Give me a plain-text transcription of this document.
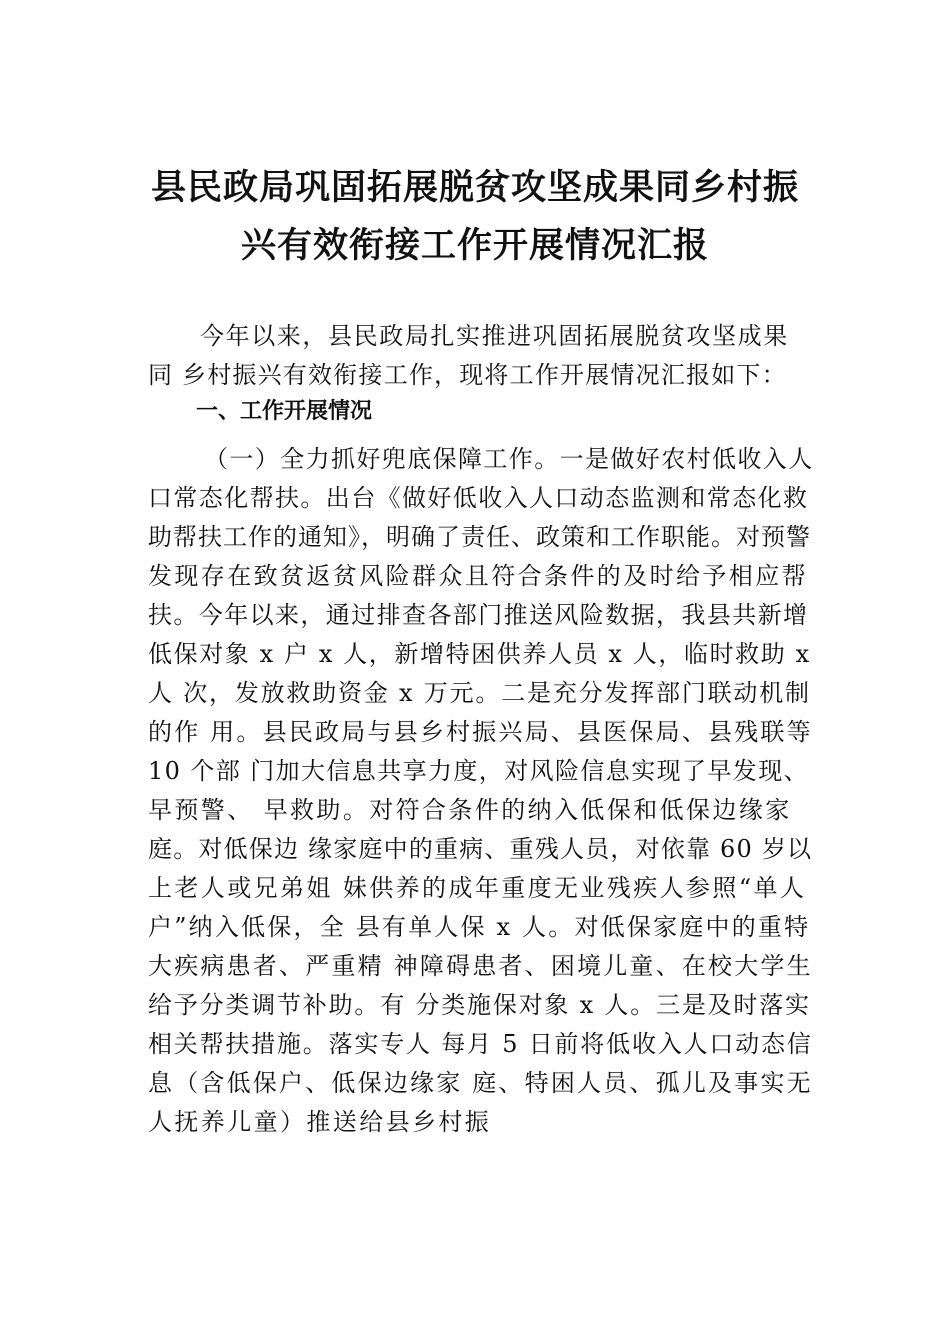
县民政局巩固拓展脱贫攻坚成果同乡村振
兴有效衔接工作开展情况汇报
今年以来，县民政局扎实推进巩固拓展脱贫攻坚成果
同 乡村振兴有效衔接工作，现将工作开展情况汇报如下：
一、工作开展情况
（一）全力抓好兜底保障工作。一是做好农村低收入人
口常态化帮扶。出台《做好低收入人口动态监测和常态化救
助帮扶工作的通知》，明确了责任、政策和工作职能。对预警
发现存在致贫返贫风险群众且符合条件的及时给予相应帮
扶。今年以来，通过排查各部门推送风险数据，我县共新增
低保对象 x 户 x 人，新增特困供养人员 x 人，临时救助 x
人 次，发放救助资金 x 万元。二是充分发挥部门联动机制
的作 用。县民政局与县乡村振兴局、县医保局、县残联等
10 个部 门加大信息共享力度，对风险信息实现了早发现、
早预警、 早救助。对符合条件的纳入低保和低保边缘家
庭。对低保边 缘家庭中的重病、重残人员，对依靠 60 岁以
上老人或兄弟姐 妹供养的成年重度无业残疾人参照“单人
户”纳入低保，全 县有单人保 x 人。对低保家庭中的重特
大疾病患者、严重精 神障碍患者、困境儿童、在校大学生
给予分类调节补助。有 分类施保对象 x 人。三是及时落实
相关帮扶措施。落实专人 每月 5 日前将低收入人口动态信
息（含低保户、低保边缘家 庭、特困人员、孤儿及事实无
人抚养儿童）推送给县乡村振
